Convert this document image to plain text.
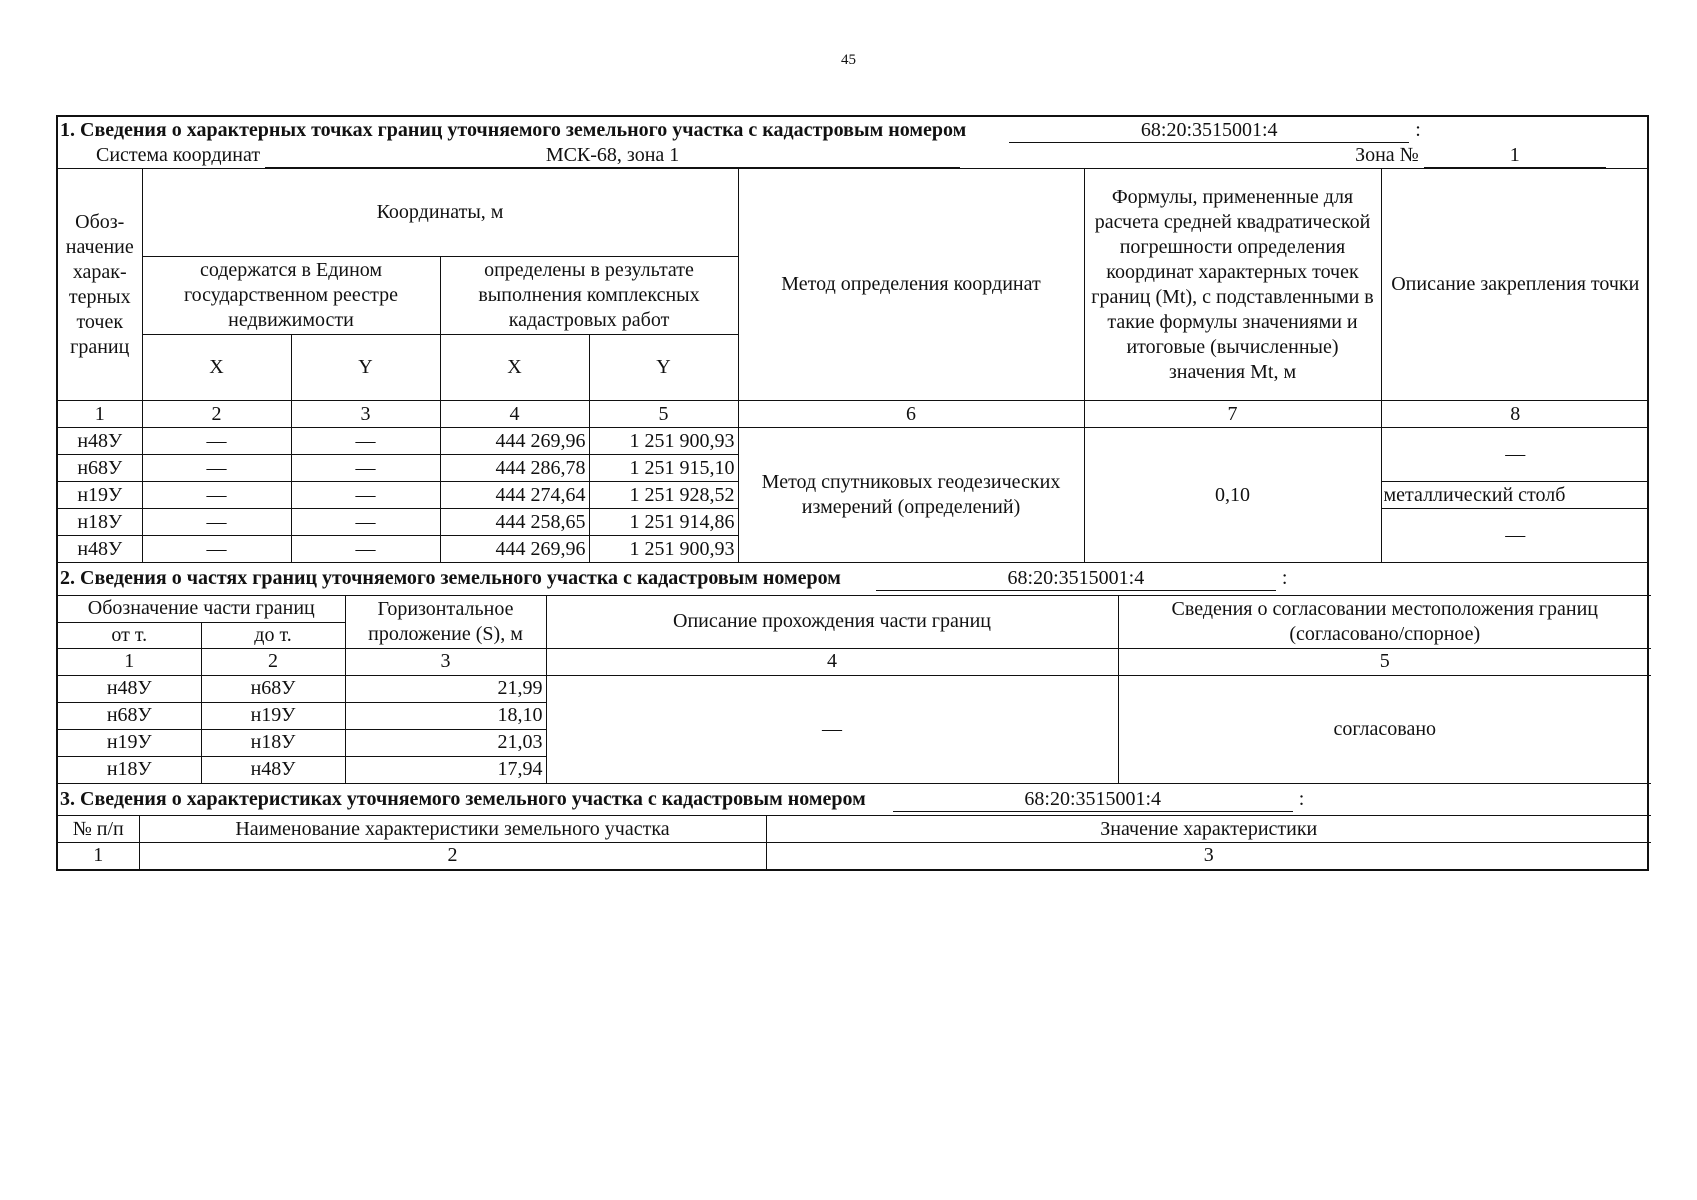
45
1. Сведения о характерных точках границ уточняемого земельного участка с кадастровым номером 68:20:3515001:4 :							
Система координат МСК-68, зона 1 Зона № 1							
Обоз-начение харак-терных точек границ	Координаты, м				Метод определения координат	Формулы, примененные для расчета средней квадратической погрешности определения координат характерных точек границ (Mt), с подставленными в такие формулы значениями и итоговые (вычисленные) значения Mt, м	Описание закрепления точки
	содержатся в Едином государственном реестре недвижимости		определены в результате выполнения комплексных кадастровых работ				
	X	Y	X	Y			
1	2	3	4	5	6	7	8
н48У	—	—	444 269,96	1 251 900,93	Метод спутниковых геодезических измерений (определений)	0,10	—
н68У	—	—	444 286,78	1 251 915,10			
н19У	—	—	444 274,64	1 251 928,52			металлический столб
н18У	—	—	444 258,65	1 251 914,86			—
н48У	—	—	444 269,96	1 251 900,93			
2. Сведения о частях границ уточняемого земельного участка с кадастровым номером 68:20:3515001:4 :				
Обозначение части границ		Горизонтальное проложение (S), м	Описание прохождения части границ	Сведения о согласовании местоположения границ (согласовано/спорное)
от т.	до т.			
1	2	3	4	5
н48У	н68У	21,99	—	согласовано
н68У	н19У	18,10		
н19У	н18У	21,03		
н18У	н48У	17,94		
3. Сведения о характеристиках уточняемого земельного участка с кадастровым номером 68:20:3515001:4 :		
№ п/п	Наименование характеристики земельного участка	Значение характеристики
1	2	3
